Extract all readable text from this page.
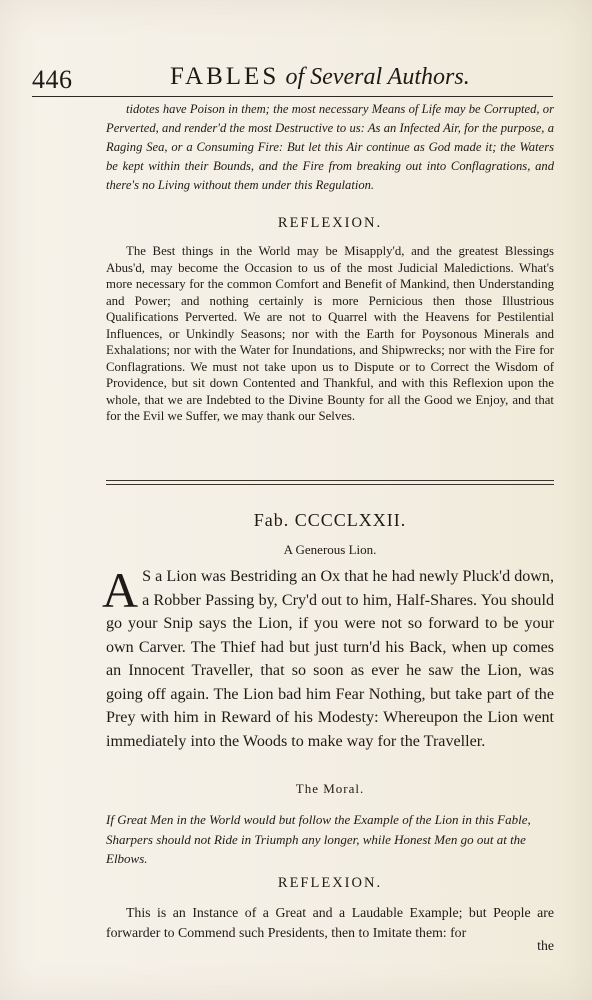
446	FABLES of Several Authors.
tidotes have Poison in them; the most necessary Means of Life may be Corrupted, or Perverted, and render'd the most Destructive to us: As an Infected Air, for the purpose, a Raging Sea, or a Consuming Fire: But let this Air continue as God made it; the Waters be kept within their Bounds, and the Fire from breaking out into Conflagrations, and there's no Living without them under this Regulation.
REFLEXION.
The Best things in the World may be Misapply'd, and the greatest Blessings Abus'd, may become the Occasion to us of the most Judicial Maledictions. What's more necessary for the common Comfort and Benefit of Mankind, then Understanding and Power; and nothing certainly is more Pernicious then those Illustrious Qualifications Perverted. We are not to Quarrel with the Heavens for Pestilential Influences, or Unkindly Seasons; nor with the Earth for Poysonous Minerals and Exhalations; nor with the Water for Inundations, and Shipwrecks; nor with the Fire for Conflagrations. We must not take upon us to Dispute or to Correct the Wisdom of Providence, but sit down Contented and Thankful, and with this Reflexion upon the whole, that we are Indebted to the Divine Bounty for all the Good we Enjoy, and that for the Evil we Suffer, we may thank our Selves.
Fab. CCCCLXXII.
A Generous Lion.
A S a Lion was Bestriding an Ox that he had newly Pluck'd down, a Robber Passing by, Cry'd out to him, Half-Shares. You should go your Snip says the Lion, if you were not so forward to be your own Carver. The Thief had but just turn'd his Back, when up comes an Innocent Traveller, that so soon as ever he saw the Lion, was going off again. The Lion bad him Fear Nothing, but take part of the Prey with him in Reward of his Modesty: Whereupon the Lion went immediately into the Woods to make way for the Traveller.
The Moral.
If Great Men in the World would but follow the Example of the Lion in this Fable, Sharpers should not Ride in Triumph any longer, while Honest Men go out at the Elbows.
REFLEXION.
This is an Instance of a Great and a Laudable Example; but People are forwarder to Commend such Presidents, then to Imitate them: for
the
